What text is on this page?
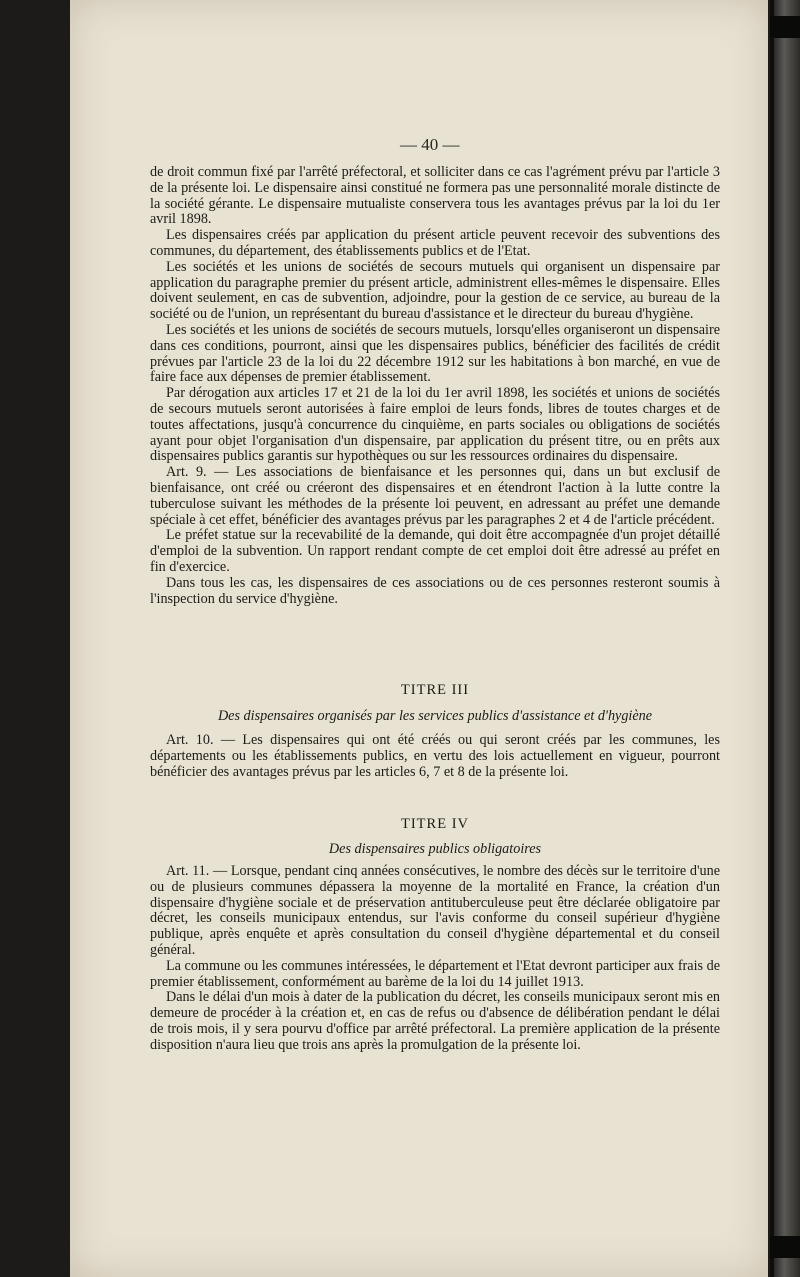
— 40 —

de droit commun fixé par l'arrêté préfectoral, et solliciter dans ce cas l'agrément prévu par l'article 3 de la présente loi. Le dispensaire ainsi constitué ne formera pas une personnalité morale distincte de la société gérante. Le dispensaire mutualiste conservera tous les avantages prévus par la loi du 1er avril 1898.

Les dispensaires créés par application du présent article peuvent recevoir des subventions des communes, du département, des établissements publics et de l'Etat.

Les sociétés et les unions de sociétés de secours mutuels qui organisent un dispensaire par application du paragraphe premier du présent article, administrent elles-mêmes le dispensaire. Elles doivent seulement, en cas de subvention, adjoindre, pour la gestion de ce service, au bureau de la société ou de l'union, un représentant du bureau d'assistance et le directeur du bureau d'hygiène.

Les sociétés et les unions de sociétés de secours mutuels, lorsqu'elles organiseront un dispensaire dans ces conditions, pourront, ainsi que les dispensaires publics, bénéficier des facilités de crédit prévues par l'article 23 de la loi du 22 décembre 1912 sur les habitations à bon marché, en vue de faire face aux dépenses de premier établissement.

Par dérogation aux articles 17 et 21 de la loi du 1er avril 1898, les sociétés et unions de sociétés de secours mutuels seront autorisées à faire emploi de leurs fonds, libres de toutes charges et de toutes affectations, jusqu'à concurrence du cinquième, en parts sociales ou obligations de sociétés ayant pour objet l'organisation d'un dispensaire, par application du présent titre, ou en prêts aux dispensaires publics garantis sur hypothèques ou sur les ressources ordinaires du dispensaire.

Art. 9. — Les associations de bienfaisance et les personnes qui, dans un but exclusif de bienfaisance, ont créé ou créeront des dispensaires et en étendront l'action à la lutte contre la tuberculose suivant les méthodes de la présente loi peuvent, en adressant au préfet une demande spéciale à cet effet, bénéficier des avantages prévus par les paragraphes 2 et 4 de l'article précédent.

Le préfet statue sur la recevabilité de la demande, qui doit être accompagnée d'un projet détaillé d'emploi de la subvention. Un rapport rendant compte de cet emploi doit être adressé au préfet en fin d'exercice.

Dans tous les cas, les dispensaires de ces associations ou de ces personnes resteront soumis à l'inspection du service d'hygiène.

TITRE III
Des dispensaires organisés par les services publics d'assistance et d'hygiène

Art. 10. — Les dispensaires qui ont été créés ou qui seront créés par les communes, les départements ou les établissements publics, en vertu des lois actuellement en vigueur, pourront bénéficier des avantages prévus par les articles 6, 7 et 8 de la présente loi.

TITRE IV
Des dispensaires publics obligatoires

Art. 11. — Lorsque, pendant cinq années consécutives, le nombre des décès sur le territoire d'une ou de plusieurs communes dépassera la moyenne de la mortalité en France, la création d'un dispensaire d'hygiène sociale et de préservation antituberculeuse peut être déclarée obligatoire par décret, les conseils municipaux entendus, sur l'avis conforme du conseil supérieur d'hygiène publique, après enquête et après consultation du conseil d'hygiène départemental et du conseil général.

La commune ou les communes intéressées, le département et l'Etat devront participer aux frais de premier établissement, conformément au barème de la loi du 14 juillet 1913.

Dans le délai d'un mois à dater de la publication du décret, les conseils municipaux seront mis en demeure de procéder à la création et, en cas de refus ou d'absence de délibération pendant le délai de trois mois, il y sera pourvu d'office par arrêté préfectoral. La première application de la présente disposition n'aura lieu que trois ans après la promulgation de la présente loi.
